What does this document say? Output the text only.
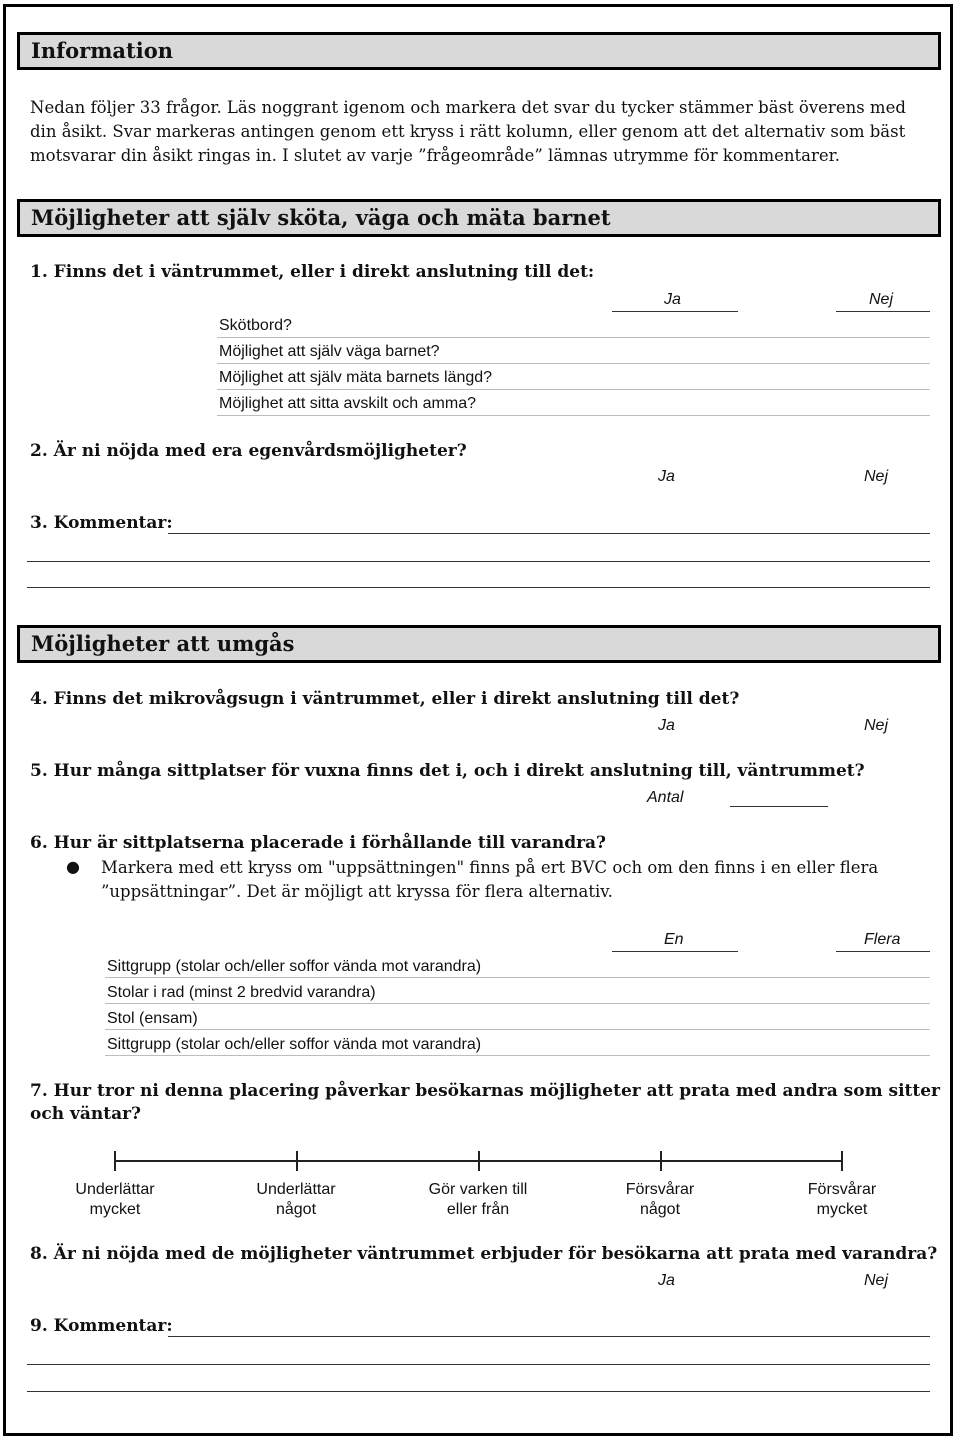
Information
Nedan följer 33 frågor. Läs noggrant igenom och markera det svar du tycker stämmer bäst överens med din åsikt. Svar markeras antingen genom ett kryss i rätt kolumn, eller genom att det alternativ som bäst motsvarar din åsikt ringas in. I slutet av varje ”frågeområde” lämnas utrymme för kommentarer.
Möjligheter att själv sköta, väga och mäta barnet
1. Finns det i väntrummet, eller i direkt anslutning till det:
Ja	Nej
Skötbord?
Möjlighet att själv väga barnet?
Möjlighet att själv mäta barnets längd?
Möjlighet att sitta avskilt och amma?
2. Är ni nöjda med era egenvårdsmöjligheter?
Ja	Nej
3. Kommentar:
Möjligheter att umgås
4. Finns det mikrovågsugn i väntrummet, eller i direkt anslutning till det?
Ja	Nej
5. Hur många sittplatser för vuxna finns det i, och i direkt anslutning till, väntrummet?
Antal
6. Hur är sittplatserna placerade i förhållande till varandra?
● Markera med ett kryss om "uppsättningen" finns på ert BVC och om den finns i en eller flera
”uppsättningar”. Det är möjligt att kryssa för flera alternativ.
En	Flera
Sittgrupp (stolar och/eller soffor vända mot varandra)
Stolar i rad (minst 2 bredvid varandra)
Stol (ensam)
Sittgrupp (stolar och/eller soffor vända mot varandra)
7. Hur tror ni denna placering påverkar besökarnas möjligheter att prata med andra som sitter
och väntar?
Underlättar
mycket
Underlättar
något
Gör varken till
eller från
Försvårar
något
Försvårar
mycket
8. Är ni nöjda med de möjligheter väntrummet erbjuder för besökarna att prata med varandra?
Ja	Nej
9. Kommentar:
